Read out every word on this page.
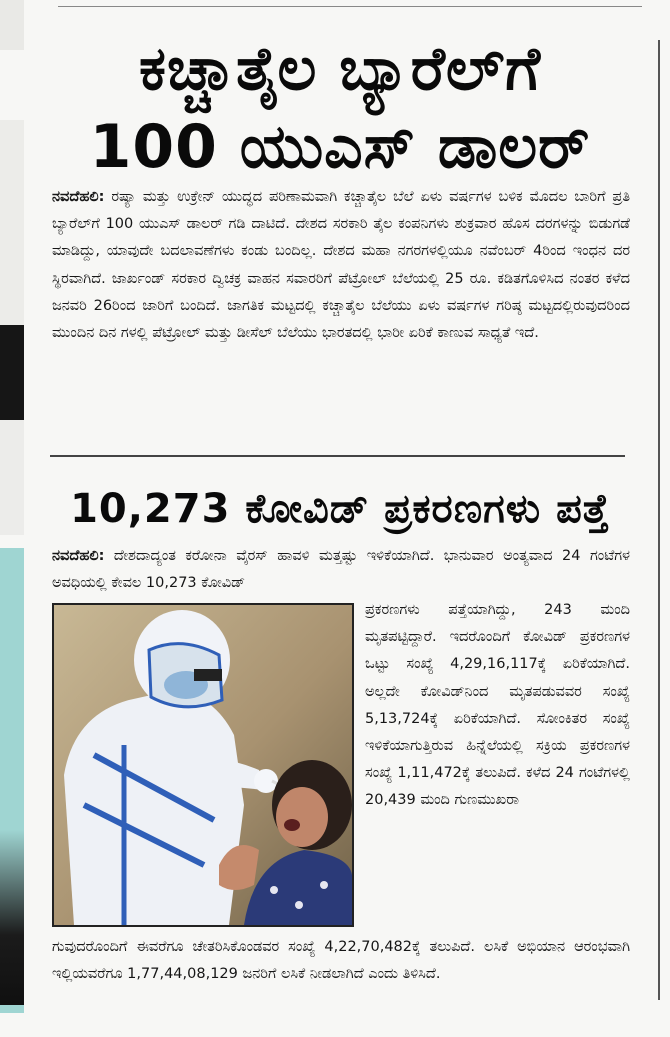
ಕಚ್ಚಾತೈಲ ಬ್ಯಾರೆಲ್‌ಗೆ
100 ಯುಎಸ್ ಡಾಲರ್

ನವದೆಹಲಿ: ರಷ್ಯಾ ಮತ್ತು ಉಕ್ರೇನ್ ಯುದ್ಧದ ಪರಿಣಾಮವಾಗಿ ಕಚ್ಚಾತೈಲ ಬೆಲೆ ಏಳು ವರ್ಷಗಳ ಬಳಿಕ ಮೊದಲ ಬಾರಿಗೆ ಪ್ರತಿ ಬ್ಯಾರೆಲ್‌ಗೆ 100 ಯುಎಸ್ ಡಾಲರ್ ಗಡಿ ದಾಟಿದೆ. ದೇಶದ ಸರಕಾರಿ ತೈಲ ಕಂಪನಿಗಳು ಶುಕ್ರವಾರ ಹೊಸ ದರಗಳನ್ನು ಬಿಡುಗಡೆ ಮಾಡಿದ್ದು, ಯಾವುದೇ ಬದಲಾವಣೆಗಳು ಕಂಡು ಬಂದಿಲ್ಲ. ದೇಶದ ಮಹಾ ನಗರಗಳಲ್ಲಿಯೂ ನವೆಂಬರ್ 4ರಿಂದ ಇಂಧನ ದರ ಸ್ಥಿರವಾಗಿದೆ. ಜಾರ್ಖಂಡ್ ಸರಕಾರ ದ್ವಿಚಕ್ರ ವಾಹನ ಸವಾರರಿಗೆ ಪೆಟ್ರೋಲ್ ಬೆಲೆಯಲ್ಲಿ 25 ರೂ. ಕಡಿತಗೊಳಿಸಿದ ನಂತರ ಕಳೆದ ಜನವರಿ 26ರಿಂದ ಜಾರಿಗೆ ಬಂದಿದೆ. ಜಾಗತಿಕ ಮಟ್ಟದಲ್ಲಿ ಕಚ್ಚಾತೈಲ ಬೆಲೆಯು ಏಳು ವರ್ಷಗಳ ಗರಿಷ್ಠ ಮಟ್ಟದಲ್ಲಿರುವುದರಿಂದ ಮುಂದಿನ ದಿನ ಗಳಲ್ಲಿ ಪೆಟ್ರೋಲ್ ಮತ್ತು ಡೀಸೆಲ್ ಬೆಲೆಯು ಭಾರತದಲ್ಲಿ ಭಾರೀ ಏರಿಕೆ ಕಾಣುವ ಸಾಧ್ಯತೆ ಇದೆ.

10,273 ಕೋವಿಡ್ ಪ್ರಕರಣಗಳು ಪತ್ತೆ

ನವದೆಹಲಿ: ದೇಶದಾದ್ಯಂತ ಕರೋನಾ ವೈರಸ್ ಹಾವಳಿ ಮತ್ತಷ್ಟು ಇಳಿಕೆಯಾಗಿದೆ. ಭಾನುವಾರ ಅಂತ್ಯವಾದ 24 ಗಂಟೆಗಳ ಅವಧಿಯಲ್ಲಿ ಕೇವಲ 10,273 ಕೋವಿಡ್

ಪ್ರಕರಣಗಳು ಪತ್ತೆಯಾಗಿದ್ದು, 243 ಮಂದಿ ಮೃತಪಟ್ಟಿದ್ದಾರೆ. ಇದರೊಂದಿಗೆ ಕೋವಿಡ್ ಪ್ರಕರಣಗಳ ಒಟ್ಟು ಸಂಖ್ಯೆ 4,29,16,117ಕ್ಕೆ ಏರಿಕೆಯಾಗಿದೆ. ಅಲ್ಲದೇ ಕೋವಿಡ್‌ನಿಂದ ಮೃತಪಡುವವರ ಸಂಖ್ಯೆ 5,13,724ಕ್ಕೆ ಏರಿಕೆಯಾಗಿದೆ. ಸೋಂಕಿತರ ಸಂಖ್ಯೆ ಇಳಿಕೆಯಾಗುತ್ತಿರುವ ಹಿನ್ನೆಲೆಯಲ್ಲಿ ಸಕ್ರಿಯ ಪ್ರಕರಣಗಳ ಸಂಖ್ಯೆ 1,11,472ಕ್ಕೆ ತಲುಪಿದೆ. ಕಳೆದ 24 ಗಂಟೆಗಳಲ್ಲಿ 20,439 ಮಂದಿ ಗುಣಮುಖರಾ

ಗುವುದರೊಂದಿಗೆ ಈವರೆಗೂ ಚೇತರಿಸಿಕೊಂಡವರ ಸಂಖ್ಯೆ 4,22,70,482ಕ್ಕೆ ತಲುಪಿದೆ. ಲಸಿಕೆ ಅಭಿಯಾನ ಆರಂಭವಾಗಿ ಇಲ್ಲಿಯವರೆಗೂ 1,77,44,08,129 ಜನರಿಗೆ ಲಸಿಕೆ ನೀಡಲಾಗಿದೆ ಎಂದು ತಿಳಿಸಿದೆ.
